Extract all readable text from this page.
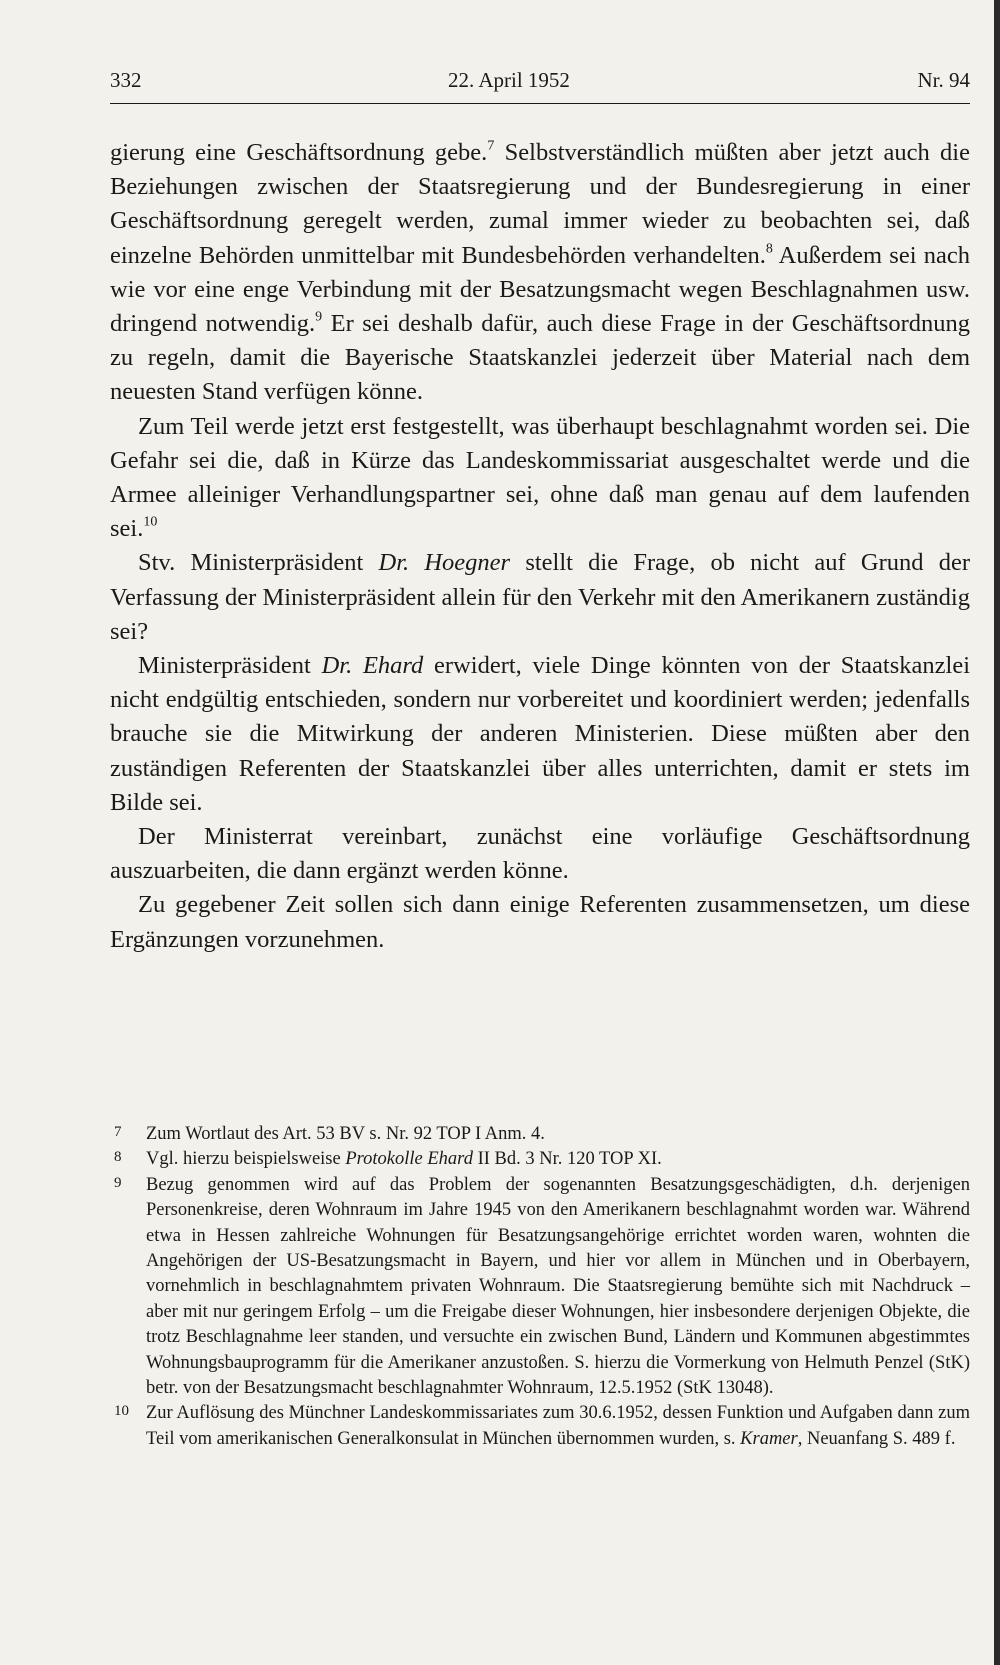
332	22. April 1952	Nr. 94

gierung eine Geschäftsordnung gebe.$^7$ Selbstverständlich müßten aber jetzt auch die Beziehungen zwischen der Staatsregierung und der Bundesregierung in einer Geschäftsordnung geregelt werden, zumal immer wieder zu beobachten sei, daß einzelne Behörden unmittelbar mit Bundesbehörden verhandelten.$^8$ Außerdem sei nach wie vor eine enge Verbindung mit der Besatzungsmacht wegen Beschlagnahmen usw. dringend notwendig.$^9$ Er sei deshalb dafür, auch diese Frage in der Geschäftsordnung zu regeln, damit die Bayerische Staatskanzlei jederzeit über Material nach dem neuesten Stand verfügen könne.

Zum Teil werde jetzt erst festgestellt, was überhaupt beschlagnahmt worden sei. Die Gefahr sei die, daß in Kürze das Landeskommissariat ausgeschaltet werde und die Armee alleiniger Verhandlungspartner sei, ohne daß man genau auf dem laufenden sei.$^{10}$

Stv. Ministerpräsident Dr. Hoegner stellt die Frage, ob nicht auf Grund der Verfassung der Ministerpräsident allein für den Verkehr mit den Amerikanern zuständig sei?

Ministerpräsident Dr. Ehard erwidert, viele Dinge könnten von der Staatskanzlei nicht endgültig entschieden, sondern nur vorbereitet und koordiniert werden; jedenfalls brauche sie die Mitwirkung der anderen Ministerien. Diese müßten aber den zuständigen Referenten der Staatskanzlei über alles unterrichten, damit er stets im Bilde sei.

Der Ministerrat vereinbart, zunächst eine vorläufige Geschäftsordnung auszuarbeiten, die dann ergänzt werden könne.

Zu gegebener Zeit sollen sich dann einige Referenten zusammensetzen, um diese Ergänzungen vorzunehmen.

7 Zum Wortlaut des Art. 53 BV s. Nr. 92 TOP I Anm. 4.

8 Vgl. hierzu beispielsweise Protokolle Ehard II Bd. 3 Nr. 120 TOP XI.

9 Bezug genommen wird auf das Problem der sogenannten Besatzungsgeschädigten, d.h. derjenigen Personenkreise, deren Wohnraum im Jahre 1945 von den Amerikanern beschlagnahmt worden war. Während etwa in Hessen zahlreiche Wohnungen für Besatzungsangehörige errichtet worden waren, wohnten die Angehörigen der US-Besatzungsmacht in Bayern, und hier vor allem in München und in Oberbayern, vornehmlich in beschlagnahmtem privaten Wohnraum. Die Staatsregierung bemühte sich mit Nachdruck – aber mit nur geringem Erfolg – um die Freigabe dieser Wohnungen, hier insbesondere derjenigen Objekte, die trotz Beschlagnahme leer standen, und versuchte ein zwischen Bund, Ländern und Kommunen abgestimmtes Wohnungsbauprogramm für die Amerikaner anzustoßen. S. hierzu die Vormerkung von Helmuth Penzel (StK) betr. von der Besatzungsmacht beschlagnahmter Wohnraum, 12.5.1952 (StK 13048).

10 Zur Auflösung des Münchner Landeskommissariates zum 30.6.1952, dessen Funktion und Aufgaben dann zum Teil vom amerikanischen Generalkonsulat in München übernommen wurden, s. Kramer, Neuanfang S. 489 f.
